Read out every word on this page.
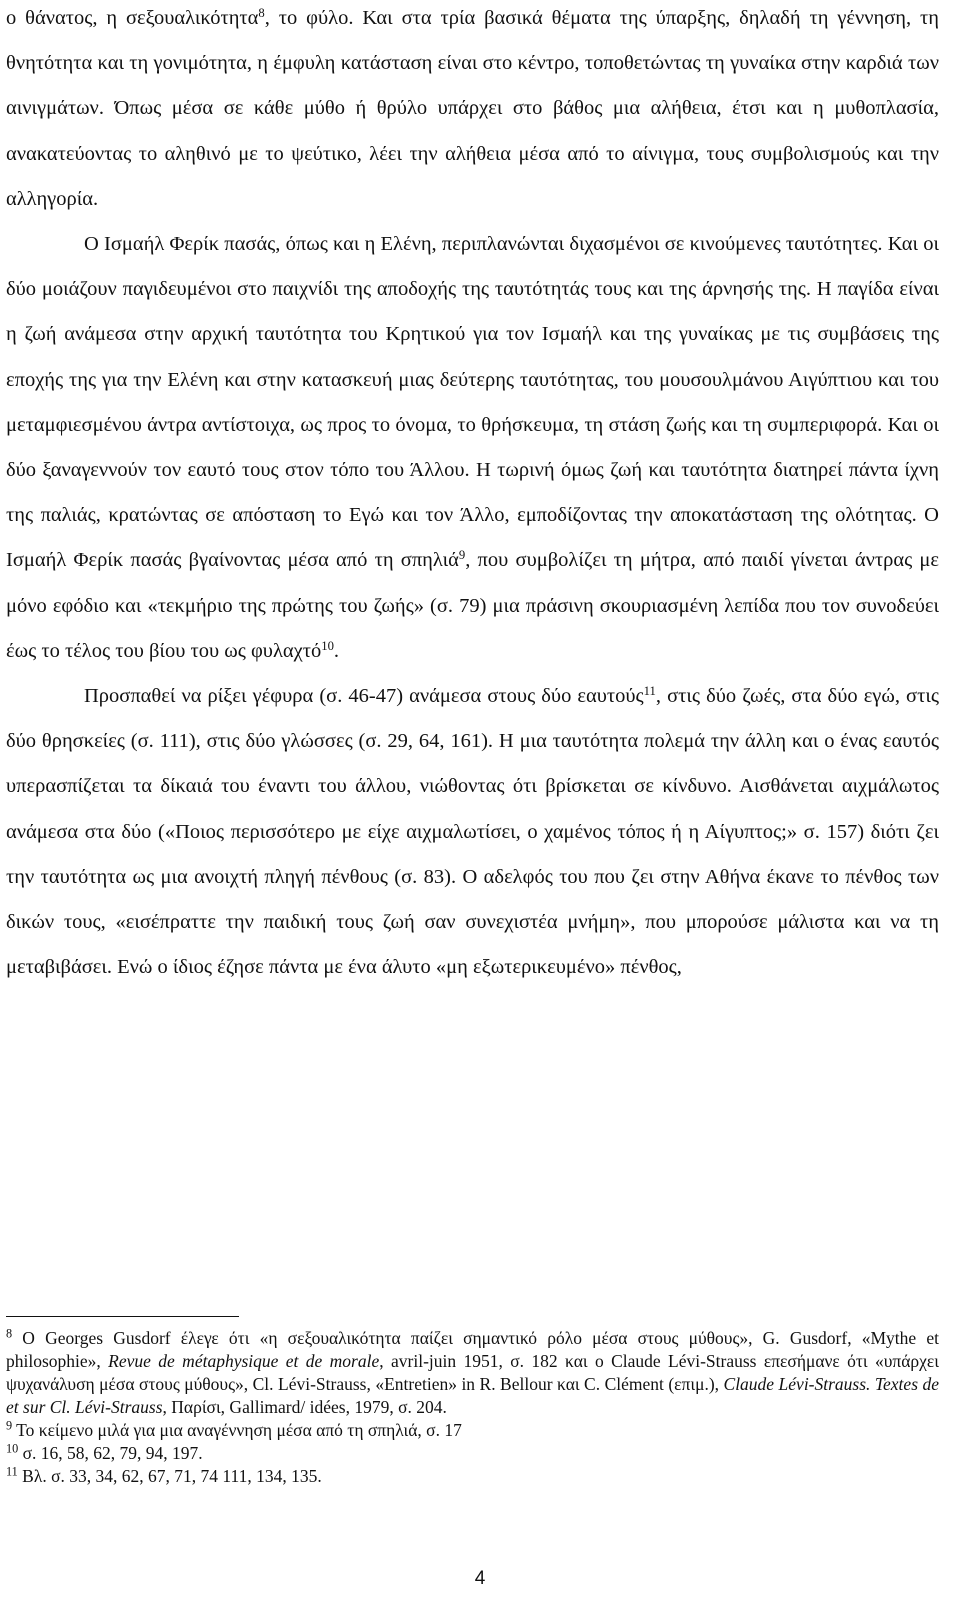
ο θάνατος, η σεξουαλικότητα$^8$, το φύλο. Και στα τρία βασικά θέματα της ύπαρξης, δηλαδή τη γέννηση, τη θνητότητα και τη γονιμότητα, η έμφυλη κατάσταση είναι στο κέντρο, τοποθετώντας τη γυναίκα στην καρδιά των αινιγμάτων. Όπως μέσα σε κάθε μύθο ή θρύλο υπάρχει στο βάθος μια αλήθεια, έτσι και η μυθοπλασία, ανακατεύοντας το αληθινό με το ψεύτικο, λέει την αλήθεια μέσα από το αίνιγμα, τους συμβολισμούς και την αλληγορία.

Ο Ισμαήλ Φερίκ πασάς, όπως και η Ελένη, περιπλανώνται διχασμένοι σε κινούμενες ταυτότητες. Και οι δύο μοιάζουν παγιδευμένοι στο παιχνίδι της αποδοχής της ταυτότητάς τους και της άρνησής της. Η παγίδα είναι η ζωή ανάμεσα στην αρχική ταυτότητα του Κρητικού για τον Ισμαήλ και της γυναίκας με τις συμβάσεις της εποχής της για την Ελένη και στην κατασκευή μιας δεύτερης ταυτότητας, του μουσουλμάνου Αιγύπτιου και του μεταμφιεσμένου άντρα αντίστοιχα, ως προς το όνομα, το θρήσκευμα, τη στάση ζωής και τη συμπεριφορά. Και οι δύο ξαναγεννούν τον εαυτό τους στον τόπο του Άλλου. Η τωρινή όμως ζωή και ταυτότητα διατηρεί πάντα ίχνη της παλιάς, κρατώντας σε απόσταση το Εγώ και τον Άλλο, εμποδίζοντας την αποκατάσταση της ολότητας. Ο Ισμαήλ Φερίκ πασάς βγαίνοντας μέσα από τη σπηλιά$^9$, που συμβολίζει τη μήτρα, από παιδί γίνεται άντρας με μόνο εφόδιο και «τεκμήριο της πρώτης του ζωής» (σ. 79) μια πράσινη σκουριασμένη λεπίδα που τον συνοδεύει έως το τέλος του βίου του ως φυλαχτό$^{10}$.

Προσπαθεί να ρίξει γέφυρα (σ. 46-47) ανάμεσα στους δύο εαυτούς$^{11}$, στις δύο ζωές, στα δύο εγώ, στις δύο θρησκείες (σ. 111), στις δύο γλώσσες (σ. 29, 64, 161). Η μια ταυτότητα πολεμά την άλλη και ο ένας εαυτός υπερασπίζεται τα δίκαιά του έναντι του άλλου, νιώθοντας ότι βρίσκεται σε κίνδυνο. Αισθάνεται αιχμάλωτος ανάμεσα στα δύο («Ποιος περισσότερο με είχε αιχμαλωτίσει, ο χαμένος τόπος ή η Αίγυπτος;» σ. 157) διότι ζει την ταυτότητα ως μια ανοιχτή πληγή πένθους (σ. 83). Ο αδελφός του που ζει στην Αθήνα έκανε το πένθος των δικών τους, «εισέπραττε την παιδική τους ζωή σαν συνεχιστέα μνήμη», που μπορούσε μάλιστα και να τη μεταβιβάσει. Ενώ ο ίδιος έζησε πάντα με ένα άλυτο «μη εξωτερικευμένο» πένθος,

$^8$ Ο Georges Gusdorf έλεγε ότι «η σεξουαλικότητα παίζει σημαντικό ρόλο μέσα στους μύθους», G. Gusdorf, «Mythe et philosophie», Revue de métaphysique et de morale, avril-juin 1951, σ. 182 και ο Claude Lévi-Strauss επεσήμανε ότι «υπάρχει ψυχανάλυση μέσα στους μύθους», Cl. Lévi-Strauss, «Entretien» in R. Bellour και C. Clément (επιμ.), Claude Lévi-Strauss. Textes de et sur Cl. Lévi-Strauss, Παρίσι, Gallimard/ idées, 1979, σ. 204.

$^9$ Το κείμενο μιλά για μια αναγέννηση μέσα από τη σπηλιά, σ. 17

$^{10}$ σ. 16, 58, 62, 79, 94, 197.

$^{11}$ Βλ. σ. 33, 34, 62, 67, 71, 74 111, 134, 135.

4
